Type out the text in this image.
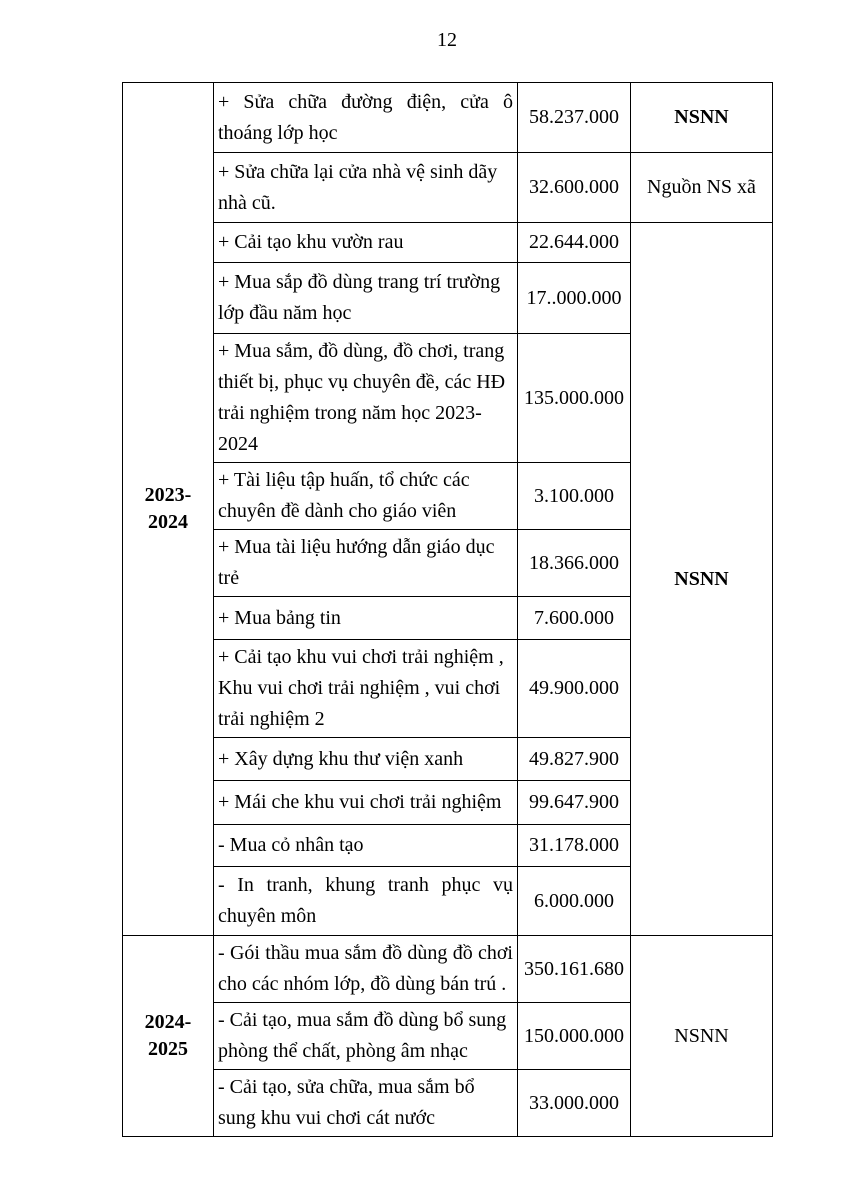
12
2023-
2024	+ Sửa chữa đường điện, cửa ô thoáng lớp học	58.237.000	NSNN
	+ Sửa chữa lại cửa nhà vệ sinh dãy nhà cũ.	32.600.000	Nguồn NS xã
	+ Cải tạo khu vườn rau	22.644.000	NSNN
	+ Mua sắp đồ dùng trang trí trường lớp đầu năm học	17..000.000	
	+ Mua sắm, đồ dùng, đồ chơi, trang thiết bị, phục vụ chuyên đề, các HĐ trải nghiệm trong năm học 2023-2024	135.000.000	
	+ Tài liệu tập huấn, tổ chức các chuyên đề dành cho giáo viên	3.100.000	
	+ Mua tài liệu hướng dẫn giáo dục trẻ	18.366.000	
	+ Mua bảng tin	7.600.000	
	+ Cải tạo khu vui chơi trải nghiệm , Khu vui chơi trải nghiệm , vui chơi trải nghiệm 2	49.900.000	
	+ Xây dựng khu thư viện xanh	49.827.900	
	+ Mái che khu vui chơi trải nghiệm	99.647.900	
	- Mua cỏ nhân tạo	31.178.000	
	- In tranh, khung tranh phục vụ chuyên môn	6.000.000	

2024-
2025	- Gói thầu mua sắm đồ dùng đồ chơi cho các nhóm lớp, đồ dùng bán trú .	350.161.680	NSNN
	- Cải tạo, mua sắm đồ dùng bổ sung phòng thể chất, phòng âm nhạc	150.000.000	
	- Cải tạo, sửa chữa, mua sắm bổ sung khu vui chơi cát nước	33.000.000	
